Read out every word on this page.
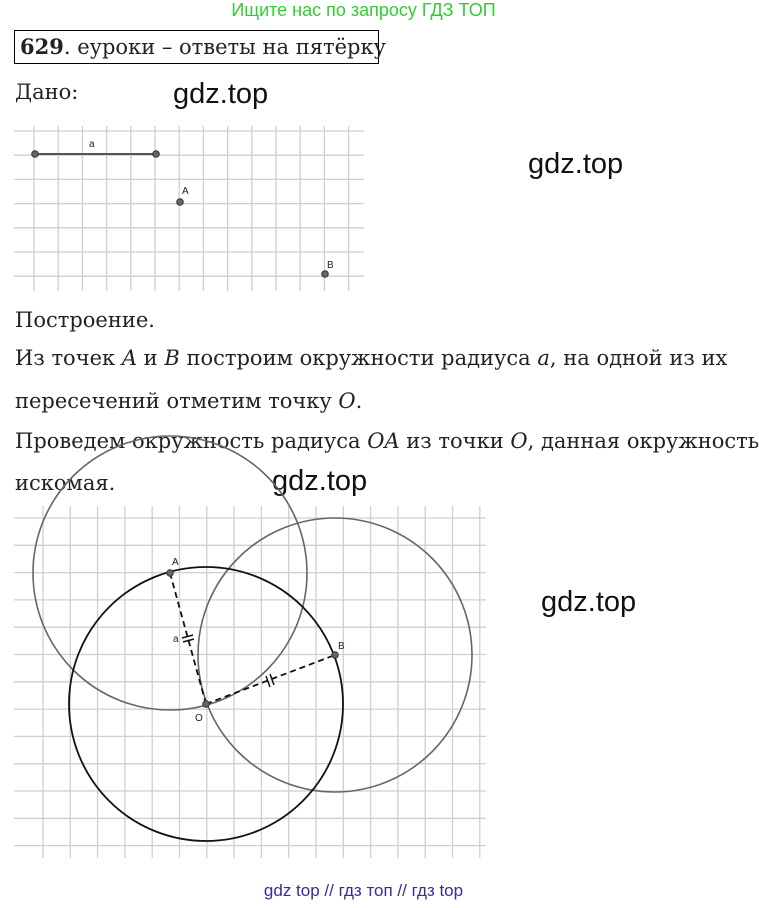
Ищите нас по запросу ГДЗ ТОП
629. еуроки – ответы на пятёрку
Дано:	gdz.top
gdz.top
a
A
B
Построение.
Из точек A и B построим окружности радиуса a, на одной из их
пересечений отметим точку O.
Проведем окружность радиуса OA из точки O, данная окружность
искомая.	gdz.top
gdz.top
A
B
O
a
gdz top // гдз топ // гдз top
